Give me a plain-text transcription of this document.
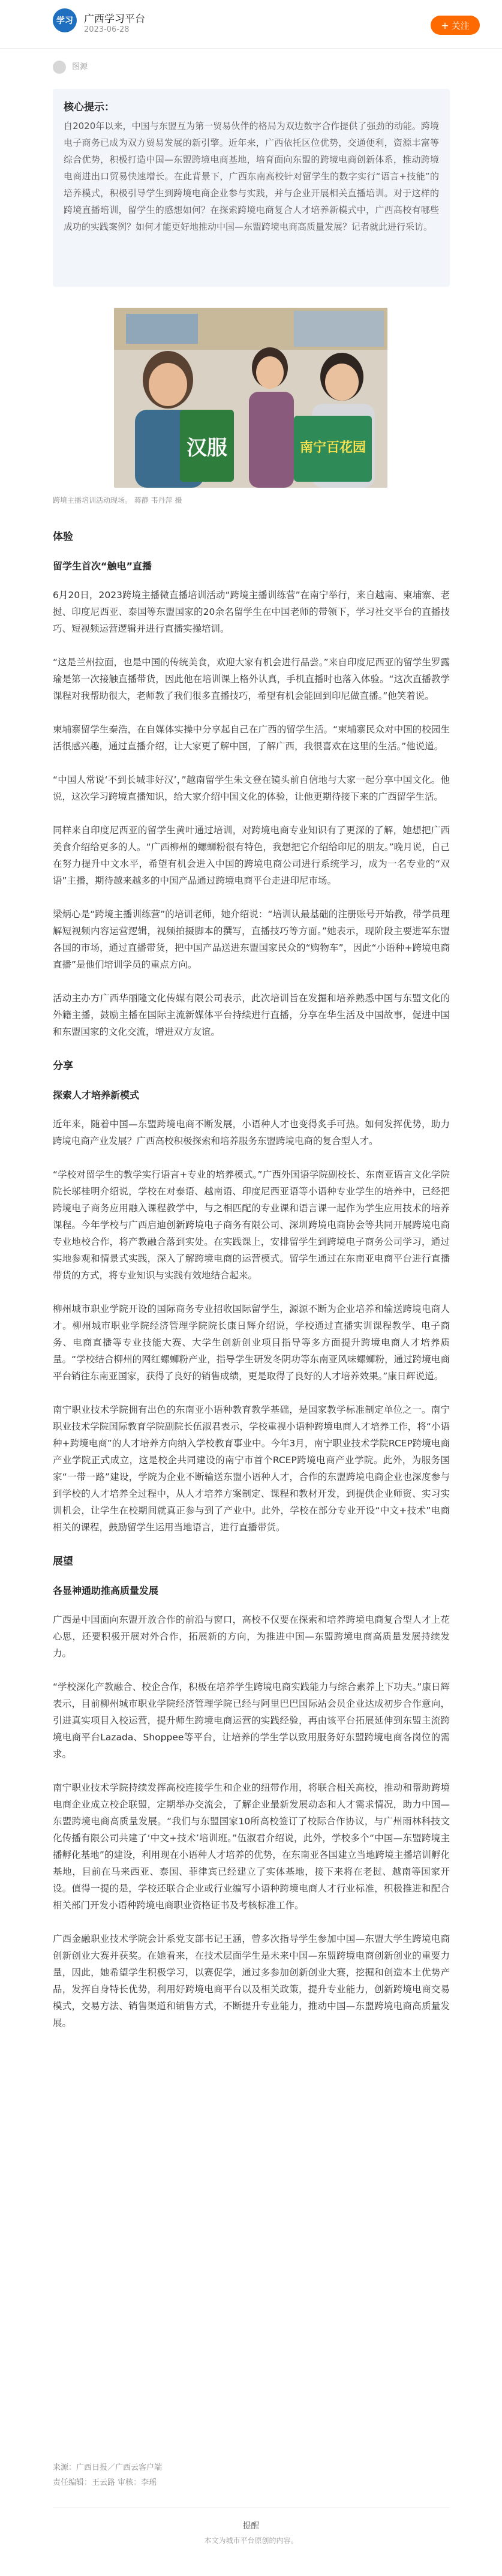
学习 广西学习平台
2023-06-28	+ 关注
图源
核心提示：
自2020年以来，中国与东盟互为第一贸易伙伴的格局为双边数字合作提供了强劲的动能。跨境电子商务已成为双方贸易发展的新引擎。近年来，广西依托区位优势，交通便利，资源丰富等综合优势，积极打造中国—东盟跨境电商基地，培育面向东盟的跨境电商创新体系，推动跨境电商进出口贸易快速增长。在此背景下，广西东南高校针对留学生的数字实行“语言+技能”的培养模式，积极引导学生到跨境电商企业参与实践，并与企业开展相关直播培训。对于这样的跨境直播培训，留学生的感想如何？在探索跨境电商复合人才培养新模式中，广西高校有哪些成功的实践案例？如何才能更好地推动中国—东盟跨境电商高质量发展？记者就此进行采访。
汉服	南宁百花园
跨境主播培训活动现场。 蒋静 韦丹萍 摄
体验
留学生首次“触电”直播

6月20日，2023跨境主播微直播培训活动“跨境主播训练营”在南宁举行，来自越南、柬埔寨、老挝、印度尼西亚、泰国等东盟国家的20余名留学生在中国老师的带领下，学习社交平台的直播技巧、短视频运营逻辑并进行直播实操培训。

“这是兰州拉面，也是中国的传统美食，欢迎大家有机会进行品尝。”来自印度尼西亚的留学生罗露瑜是第一次接触直播带货，因此他在培训课上格外认真，手机直播时也落入体验。“这次直播教学课程对我帮助很大，老师教了我们很多直播技巧，希望有机会能回到印尼做直播。”他笑着说。

柬埔寨留学生秦浩，在自媒体实操中分享起自己在广西的留学生活。“柬埔寨民众对中国的校园生活很感兴趣，通过直播介绍，让大家更了解中国，了解广西，我很喜欢在这里的生活。”他说道。

“中国人常说‘不到长城非好汉’，”越南留学生朱文登在镜头前自信地与大家一起分享中国文化。他说，这次学习跨境直播知识，给大家介绍中国文化的体验，让他更期待接下来的广西留学生活。

同样来自印度尼西亚的留学生黄叶通过培训，对跨境电商专业知识有了更深的了解，她想把广西美食介绍给更多的人。“广西柳州的螺蛳粉很有特色，我想把它介绍给印尼的朋友。”晚月说，自己在努力提升中文水平，希望有机会进入中国的跨境电商公司进行系统学习，成为一名专业的“双语”主播，期待越来越多的中国产品通过跨境电商平台走进印尼市场。

梁炳心是“跨境主播训练营”的培训老师，她介绍说：“培训认最基础的注册账号开始教，带学员理解短视频内容运营逻辑，视频拍摄脚本的撰写，直播技巧等方面。”她表示，现阶段主要进军东盟各国的市场，通过直播带货，把中国产品送进东盟国家民众的“购物车”，因此“小语种+跨境电商直播”是他们培训学员的重点方向。

活动主办方广西华丽隆文化传媒有限公司表示，此次培训旨在发掘和培养熟悉中国与东盟文化的外籍主播，鼓励主播在国际主流新媒体平台持续进行直播，分享在华生活及中国故事，促进中国和东盟国家的文化交流，增进双方友谊。

分享
探索人才培养新模式

近年来，随着中国—东盟跨境电商不断发展，小语种人才也变得炙手可热。如何发挥优势，助力跨境电商产业发展？广西高校积极探索和培养服务东盟跨境电商的复合型人才。

“学校对留学生的教学实行语言+专业的培养模式。”广西外国语学院副校长、东南亚语言文化学院院长邬桂明介绍说，学校在对泰语、越南语、印度尼西亚语等小语种专业学生的培养中，已经把跨境电子商务应用融入课程教学中，与之相匹配的专业课和语言课一起作为学生应用技术的培养课程。今年学校与广西启迪创新跨境电子商务有限公司、深圳跨境电商协会等共同开展跨境电商专业地校合作，将产教融合落到实处。在实践课上，安排留学生到跨境电子商务公司学习，通过实地参观和情景式实践，深入了解跨境电商的运营模式。留学生通过在东南亚电商平台进行直播带货的方式，将专业知识与实践有效地结合起来。

柳州城市职业学院开设的国际商务专业招收国际留学生，源源不断为企业培养和输送跨境电商人才。柳州城市职业学院经济管理学院院长康日辉介绍说，学校通过直播实训课程教学、电子商务、电商直播等专业技能大赛、大学生创新创业项目指导等多方面提升跨境电商人才培养质量。“学校结合柳州的网红螺蛳粉产业，指导学生研发冬阴功等东南亚风味螺蛳粉，通过跨境电商平台销往东南亚国家，获得了良好的销售成绩，更是取得了良好的人才培养效果。”康日辉说道。

南宁职业技术学院拥有出色的东南亚小语种教育教学基础，是国家教学标准制定单位之一。南宁职业技术学院国际教育学院副院长伍淑君表示，学校重视小语种跨境电商人才培养工作，将“小语种+跨境电商”的人才培养方向纳入学校教育事业中。今年3月，南宁职业技术学院RCEP跨境电商产业学院正式成立，这是校企共同建设的南宁市首个RCEP跨境电商产业学院。此外，为服务国家“一带一路”建设，学院为企业不断输送东盟小语种人才，合作的东盟跨境电商企业也深度参与到学校的人才培养全过程中，从人才培养方案制定、课程和教材开发，到提供企业师资、实习实训机会，让学生在校期间就真正参与到了产业中。此外，学校在部分专业开设“中文+技术”电商相关的课程，鼓励留学生运用当地语言，进行直播带货。

展望
各显神通助推高质量发展

广西是中国面向东盟开放合作的前沿与窗口，高校不仅要在探索和培养跨境电商复合型人才上花心思，还要积极开展对外合作，拓展新的方向，为推进中国—东盟跨境电商高质量发展持续发力。

“学校深化产教融合、校企合作，积极在培养学生跨境电商实践能力与综合素养上下功夫。”康日辉表示，目前柳州城市职业学院经济管理学院已经与阿里巴巴国际站会员企业达成初步合作意向，引进真实项目入校运营，提升师生跨境电商运营的实践经验，再由该平台拓展延伸到东盟主流跨境电商平台Lazada、Shoppee等平台，让培养的学生学以致用服务好东盟跨境电商各岗位的需求。

南宁职业技术学院持续发挥高校连接学生和企业的纽带作用，将联合相关高校，推动和帮助跨境电商企业成立校企联盟，定期举办交流会，了解企业最新发展动态和人才需求情况，助力中国—东盟跨境电商高质量发展。“我们与东盟国家10所高校签订了校际合作协议，与广州雨林科技文化传播有限公司共建了‘中文+技术’培训班。”伍淑君介绍说，此外，学校多个“中国—东盟跨境主播孵化基地”的建设，利用现在小语种人才培养的优势，在东南亚各国建立当地跨境主播培训孵化基地，目前在马来西亚、泰国、菲律宾已经建立了实体基地，接下来将在老挝、越南等国家开设。值得一提的是，学校还联合企业或行业编写小语种跨境电商人才行业标准，积极推进和配合相关部门开发小语种跨境电商职业资格证书及考核标准工作。

广西金融职业技术学院会计系党支部书记王涵，曾多次指导学生参加中国—东盟大学生跨境电商创新创业大赛并获奖。在她看来，在技术层面学生是未来中国—东盟跨境电商创新创业的重要力量，因此，她希望学生积极学习，以赛促学，通过多参加创新创业大赛，挖掘和创造本土优势产品，发挥自身特长优势，利用好跨境电商平台以及相关政策，提升专业能力，创新跨境电商交易模式，交易方法、销售渠道和销售方式，不断提升专业能力，推动中国—东盟跨境电商高质量发展。

来源：广西日报／广西云客户端
责任编辑：王云路 审核：李瑶
提醒
本文为城市平台原创的内容。
